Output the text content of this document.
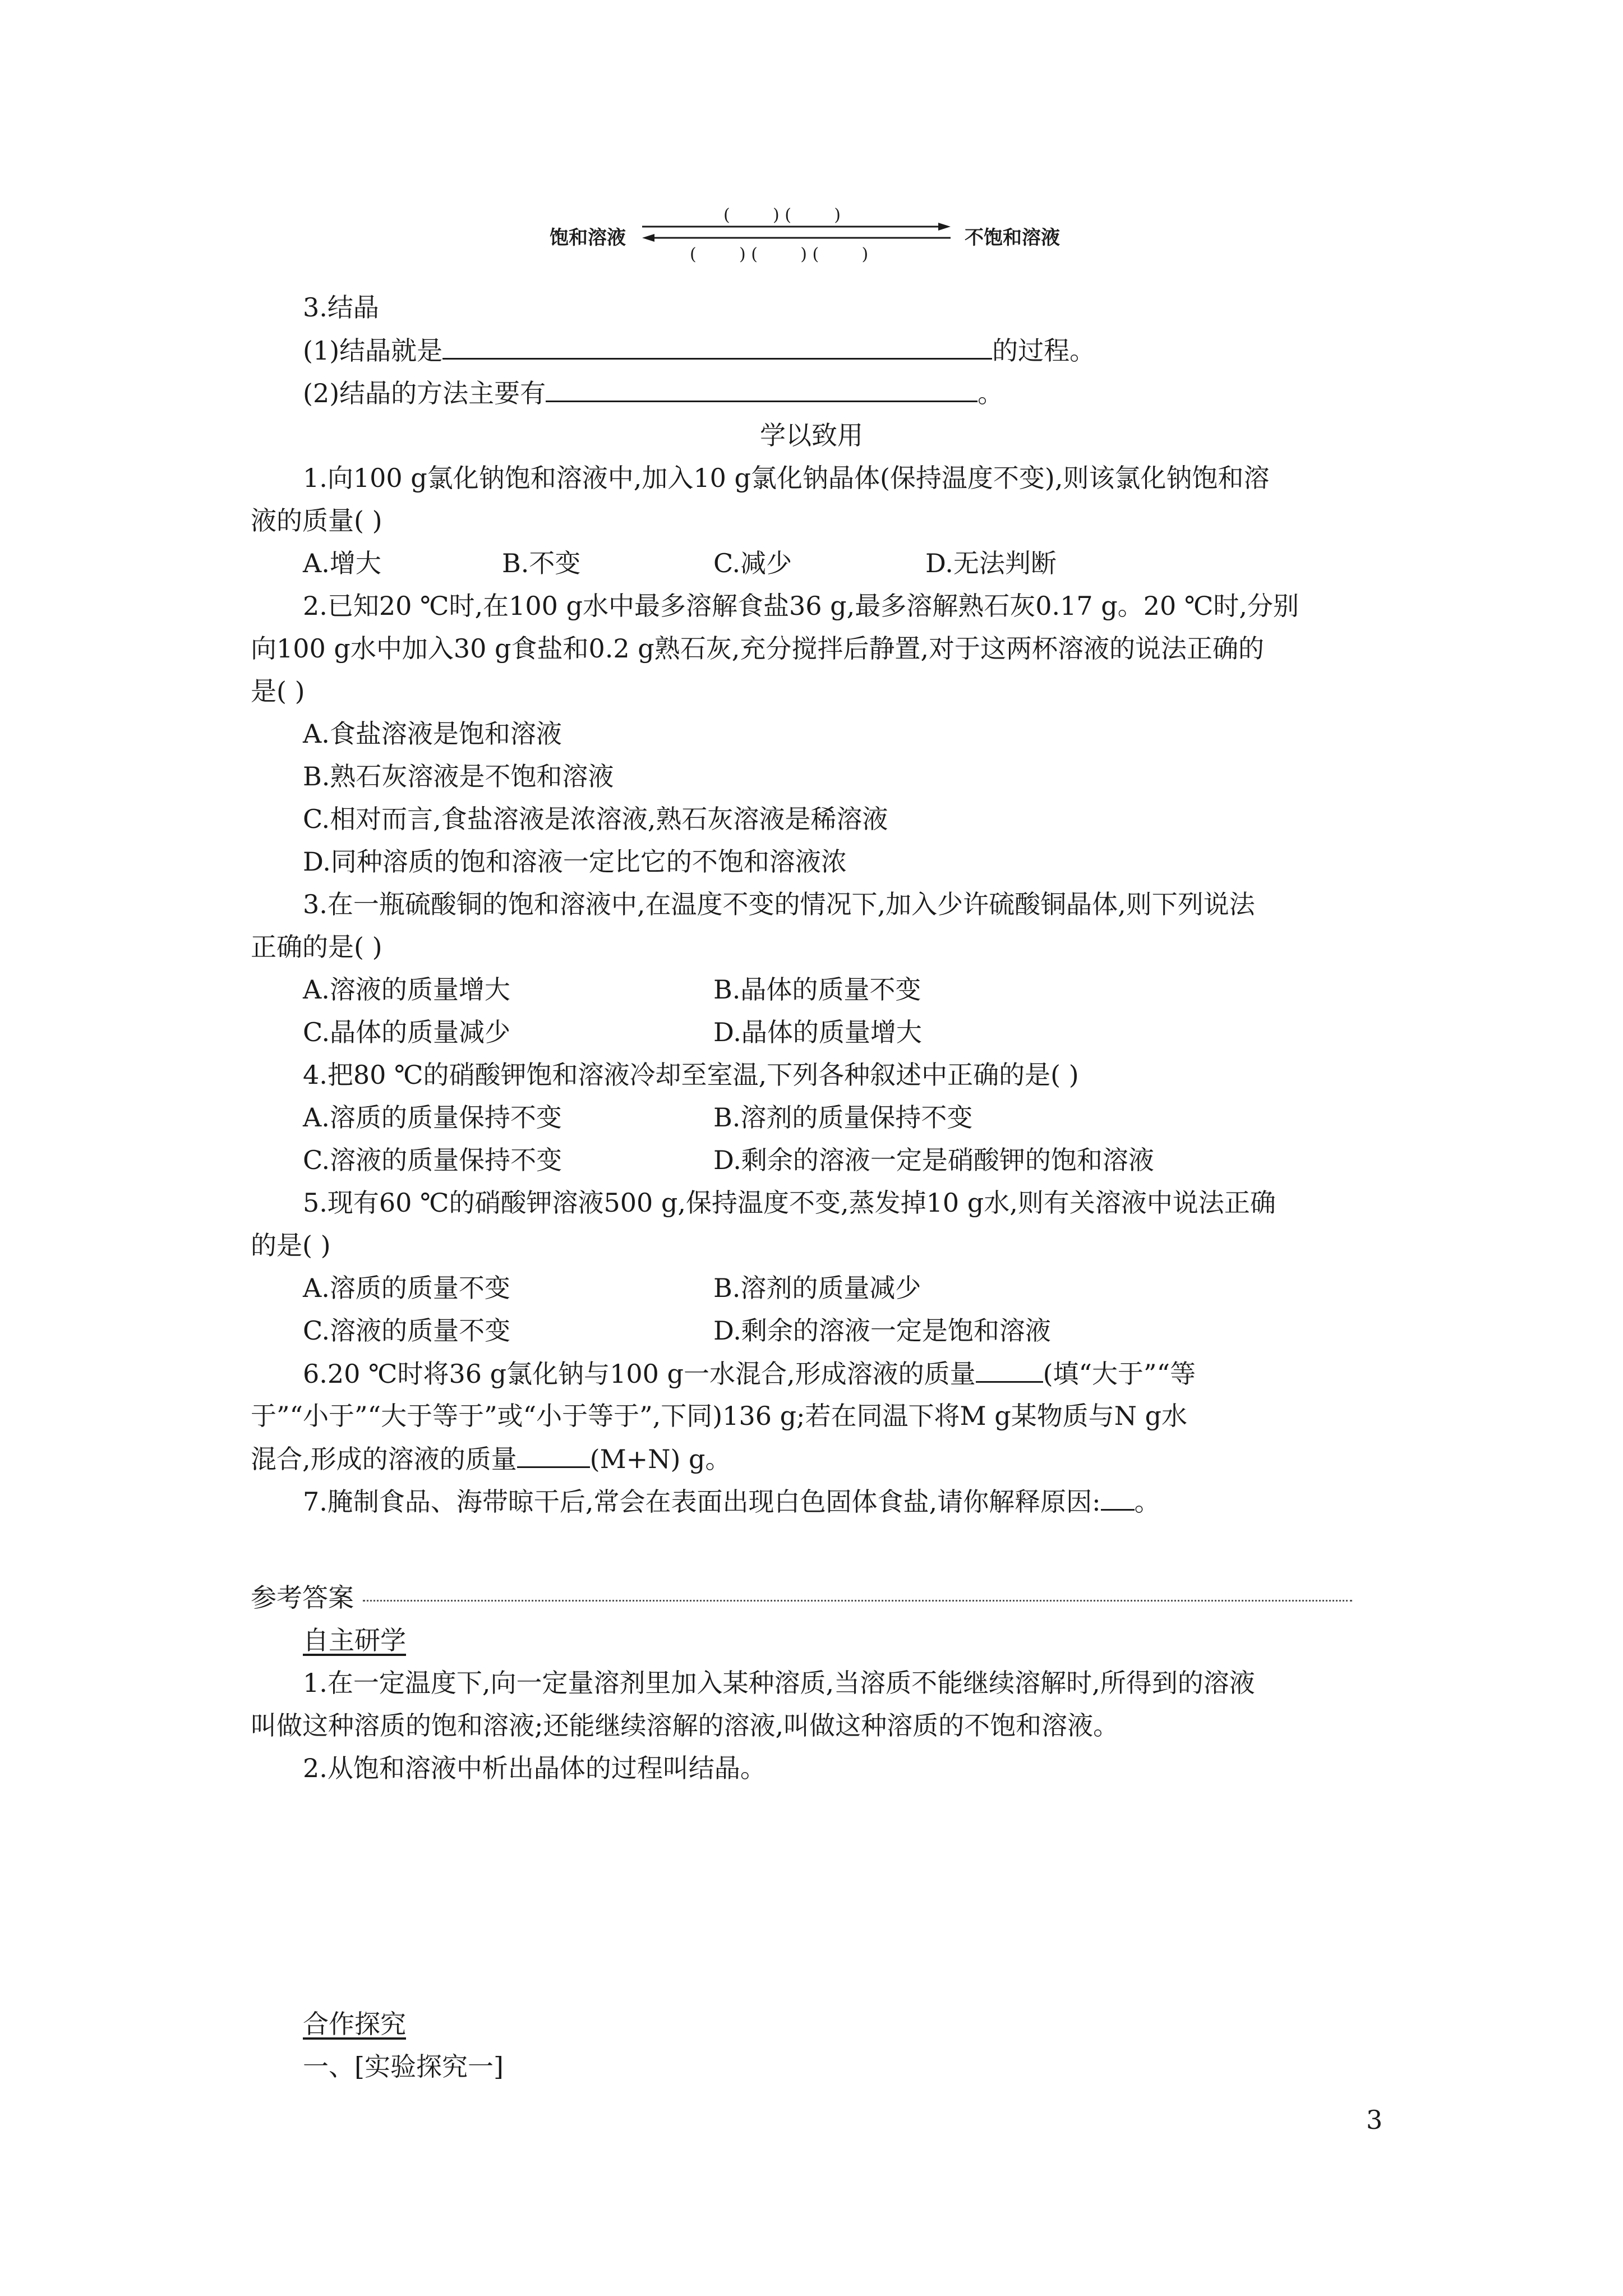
饱和溶液
(        ) (        )
不饱和溶液
(        ) (        ) (        )
3.结晶
(1)结晶就是	的过程。
(2)结晶的方法主要有	。
学以致用
1.向100 g氯化钠饱和溶液中,加入10 g氯化钠晶体(保持温度不变),则该氯化钠饱和溶
液的质量( )
A.增大	B.不变	C.减少	D.无法判断
2.已知20 ℃时,在100 g水中最多溶解食盐36 g,最多溶解熟石灰0.17 g。20 ℃时,分别
向100 g水中加入30 g食盐和0.2 g熟石灰,充分搅拌后静置,对于这两杯溶液的说法正确的
是( )
A.食盐溶液是饱和溶液
B.熟石灰溶液是不饱和溶液
C.相对而言,食盐溶液是浓溶液,熟石灰溶液是稀溶液
D.同种溶质的饱和溶液一定比它的不饱和溶液浓
3.在一瓶硫酸铜的饱和溶液中,在温度不变的情况下,加入少许硫酸铜晶体,则下列说法
正确的是( )
A.溶液的质量增大	B.晶体的质量不变
C.晶体的质量减少	D.晶体的质量增大
4.把80 ℃的硝酸钾饱和溶液冷却至室温,下列各种叙述中正确的是( )
A.溶质的质量保持不变	B.溶剂的质量保持不变
C.溶液的质量保持不变	D.剩余的溶液一定是硝酸钾的饱和溶液
5.现有60 ℃的硝酸钾溶液500 g,保持温度不变,蒸发掉10 g水,则有关溶液中说法正确
的是( )
A.溶质的质量不变	B.溶剂的质量减少
C.溶液的质量不变	D.剩余的溶液一定是饱和溶液
6.20 ℃时将36 g氯化钠与100 g一水混合,形成溶液的质量	(填“大于”“等
于”“小于”“大于等于”或“小于等于”,下同)136 g;若在同温下将M g某物质与N g水
混合,形成的溶液的质量	(M+N) g。
7.腌制食品、海带晾干后,常会在表面出现白色固体食盐,请你解释原因: 。
参考答案
自主研学
1.在一定温度下,向一定量溶剂里加入某种溶质,当溶质不能继续溶解时,所得到的溶液
叫做这种溶质的饱和溶液;还能继续溶解的溶液,叫做这种溶质的不饱和溶液。
2.从饱和溶液中析出晶体的过程叫结晶。
合作探究
一、[实验探究一]
3
